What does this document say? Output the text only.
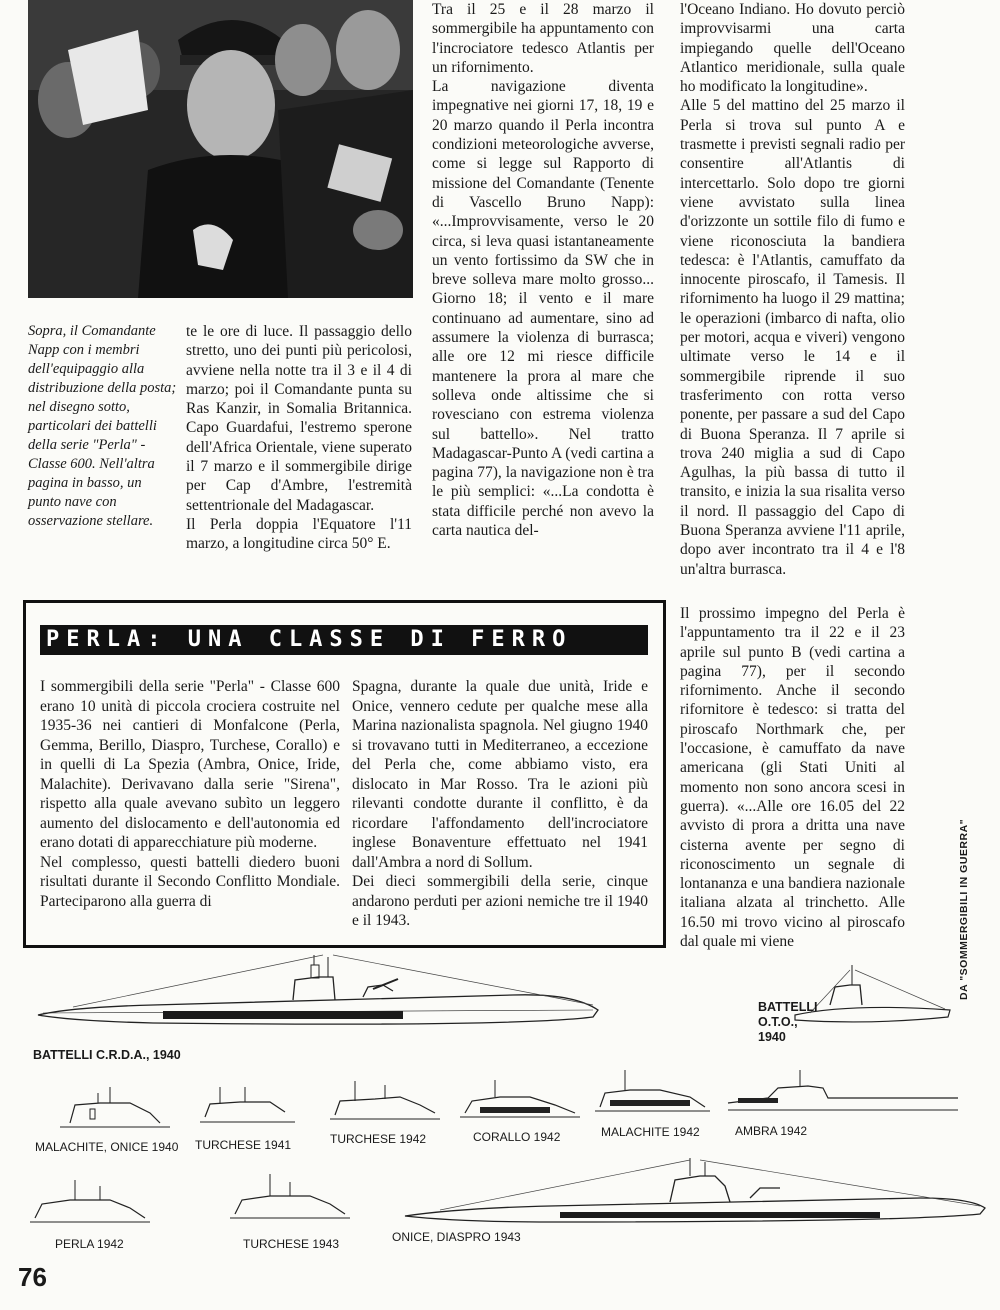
Sopra, il Comandante Napp con i membri dell'equipaggio alla distribuzione della posta; nel disegno sotto, particolari dei battelli della serie "Perla" - Classe 600. Nell'altra pagina in basso, un punto nave con osservazione stellare.

te le ore di luce. Il passaggio dello stretto, uno dei punti più pericolosi, avviene nella notte tra il 3 e il 4 di marzo; poi il Comandante punta su Ras Kanzir, in Somalia Britannica. Capo Guardafui, l'estremo sperone dell'Africa Orientale, viene superato il 7 marzo e il sommergibile dirige per Cap d'Ambre, l'estremità settentrionale del Madagascar.

Il Perla doppia l'Equatore l'11 marzo, a longitudine circa 50° E.

Tra il 25 e il 28 marzo il sommergibile ha appuntamento con l'incrociatore tedesco Atlantis per un rifornimento.

La navigazione diventa impegnative nei giorni 17, 18, 19 e 20 marzo quando il Perla incontra condizioni meteorologiche avverse, come si legge sul Rapporto di missione del Comandante (Tenente di Vascello Bruno Napp): «...Improvvisamente, verso le 20 circa, si leva quasi istantaneamente un vento fortissimo da SW che in breve solleva mare molto grosso... Giorno 18; il vento e il mare continuano ad aumentare, sino ad assumere la violenza di burrasca; alle ore 12 mi riesce difficile mantenere la prora al mare che solleva onde altissime che si rovesciano con estrema violenza sul battello». Nel tratto Madagascar-Punto A (vedi cartina a pagina 77), la navigazione non è tra le più semplici: «...La condotta è stata difficile perché non avevo la carta nautica del-

l'Oceano Indiano. Ho dovuto perciò improvvisarmi una carta impiegando quelle dell'Oceano Atlantico meridionale, sulla quale ho modificato la longitudine».

Alle 5 del mattino del 25 marzo il Perla si trova sul punto A e trasmette i previsti segnali radio per consentire all'Atlantis di intercettarlo. Solo dopo tre giorni viene avvistato sulla linea d'orizzonte un sottile filo di fumo e viene riconosciuta la bandiera tedesca: è l'Atlantis, camuffato da innocente piroscafo, il Tamesis. Il rifornimento ha luogo il 29 mattina; le operazioni (imbarco di nafta, olio per motori, acqua e viveri) vengono ultimate verso le 14 e il sommergibile riprende il suo trasferimento con rotta verso ponente, per passare a sud del Capo di Buona Speranza. Il 7 aprile si trova 240 miglia a sud di Capo Agulhas, la più bassa di tutto il transito, e inizia la sua risalita verso il nord. Il passaggio del Capo di Buona Speranza avviene l'11 aprile, dopo aver incontrato tra il 4 e l'8 un'altra burrasca.

Il prossimo impegno del Perla è l'appuntamento tra il 22 e il 23 aprile sul punto B (vedi cartina a pagina 77), per il secondo rifornimento. Anche il secondo rifornitore è tedesco: si tratta del piroscafo Northmark che, per l'occasione, è camuffato da nave americana (gli Stati Uniti al momento non sono ancora scesi in guerra). «...Alle ore 16.05 del 22 avvisto di prora a dritta una nave cisterna avente per segno di riconoscimento un segnale di lontananza e una bandiera nazionale italiana alzata al trinchetto. Alle 16.50 mi trovo vicino al piroscafo dal quale mi viene

PERLA: UNA CLASSE DI FERRO

I sommergibili della serie "Perla" - Classe 600 erano 10 unità di piccola crociera costruite nel 1935-36 nei cantieri di Monfalcone (Perla, Gemma, Berillo, Diaspro, Turchese, Corallo) e in quelli di La Spezia (Ambra, Onice, Iride, Malachite). Derivavano dalla serie "Sirena", rispetto alla quale avevano subìto un leggero aumento del dislocamento e dell'autonomia ed erano dotati di apparecchiature più moderne.

Nel complesso, questi battelli diedero buoni risultati durante il Secondo Conflitto Mondiale. Parteciparono alla guerra di

Spagna, durante la quale due unità, Iride e Onice, vennero cedute per qualche mese alla Marina nazionalista spagnola. Nel giugno 1940 si trovavano tutti in Mediterraneo, a eccezione del Perla che, come abbiamo visto, era dislocato in Mar Rosso. Tra le azioni più rilevanti condotte durante il conflitto, è da ricordare l'affondamento dell'incrociatore inglese Bonaventure effettuato nel 1941 dall'Ambra a nord di Sollum.

Dei dieci sommergibili della serie, cinque andarono perduti per azioni nemiche tre il 1940 e il 1943.	DA "SOMMERGIBILI IN GUERRA"
BATTELLI C.R.D.A., 1940
BATTELLI
O.T.O.,
1940
MALACHITE, ONICE 1940 TURCHESE 1941	TURCHESE 1942	CORALLO 1942	MALACHITE 1942	AMBRA 1942
PERLA 1942	TURCHESE 1943	ONICE, DIASPRO 1943
76
